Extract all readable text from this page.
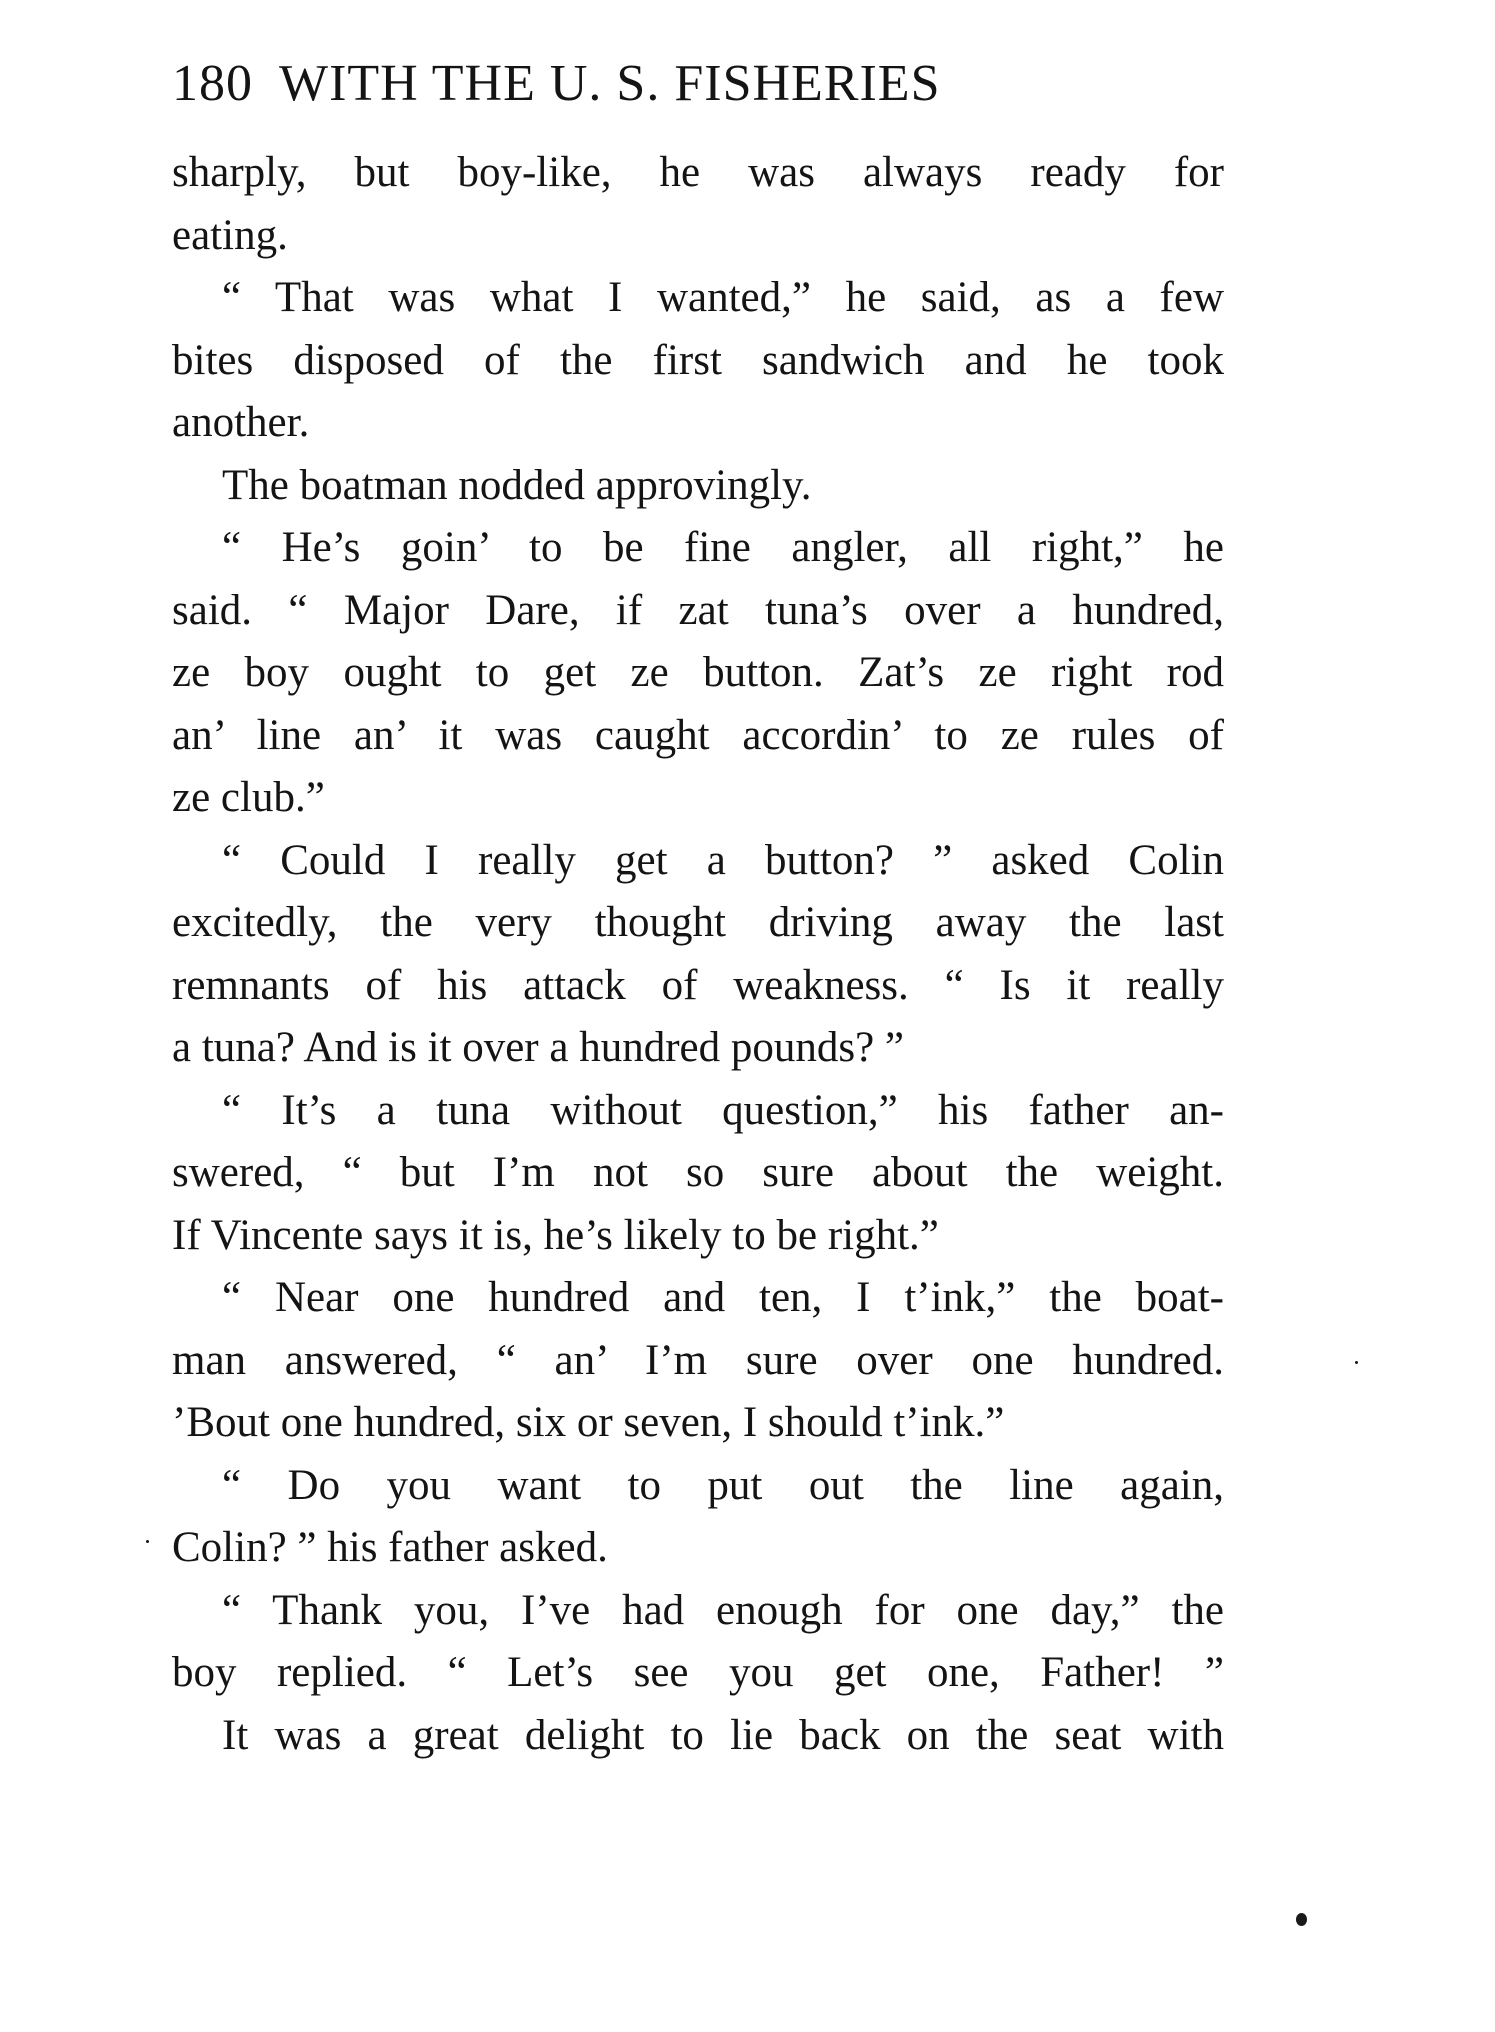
180 WITH THE U. S. FISHERIES
sharply, but boy-like, he was always ready for
eating.
“ That was what I wanted,” he said, as a few
bites disposed of the first sandwich and he took
another.
The boatman nodded approvingly.
“ He’s goin’ to be fine angler, all right,” he
said. “ Major Dare, if zat tuna’s over a hundred,
ze boy ought to get ze button. Zat’s ze right rod
an’ line an’ it was caught accordin’ to ze rules of
ze club.”
“ Could I really get a button? ” asked Colin
excitedly, the very thought driving away the last
remnants of his attack of weakness. “ Is it really
a tuna? And is it over a hundred pounds? ”
“ It’s a tuna without question,” his father an-
swered, “ but I’m not so sure about the weight.
If Vincente says it is, he’s likely to be right.”
“ Near one hundred and ten, I t’ink,” the boat-
man answered, “ an’ I’m sure over one hundred.
’Bout one hundred, six or seven, I should t’ink.”
“ Do you want to put out the line again,
Colin? ” his father asked.
“ Thank you, I’ve had enough for one day,” the
boy replied. “ Let’s see you get one, Father! ”
It was a great delight to lie back on the seat with
